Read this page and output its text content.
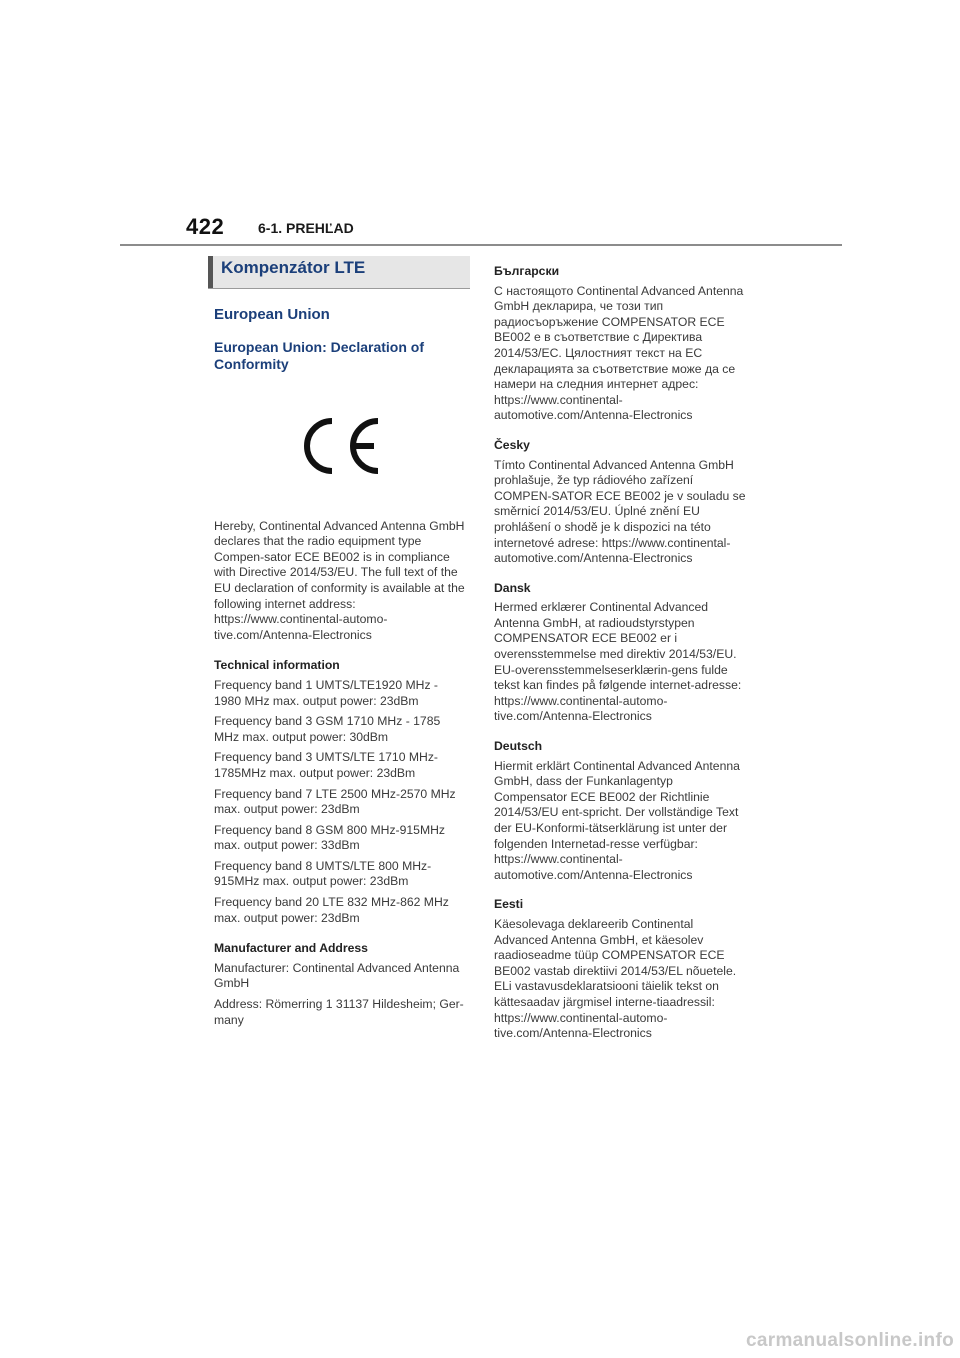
422 6-1. PREHĽAD
Kompenzátor LTE
European Union
European Union: Declaration of Conformity

Hereby, Continental Advanced Antenna GmbH declares that the radio equipment type Compen-sator ECE BE002 is in compliance with Directive 2014/53/EU. The full text of the EU declaration of conformity is available at the following internet address: https://www.continental-automo-tive.com/Antenna-Electronics

Technical information

Frequency band 1 UMTS/LTE1920 MHz - 1980 MHz max. output power: 23dBm

Frequency band 3 GSM 1710 MHz - 1785 MHz max. output power: 30dBm

Frequency band 3 UMTS/LTE 1710 MHz-1785MHz max. output power: 23dBm

Frequency band 7 LTE 2500 MHz-2570 MHz max. output power: 23dBm

Frequency band 8 GSM 800 MHz-915MHz max. output power: 33dBm

Frequency band 8 UMTS/LTE 800 MHz-915MHz max. output power: 23dBm

Frequency band 20 LTE 832 MHz-862 MHz max. output power: 23dBm

Manufacturer and Address

Manufacturer: Continental Advanced Antenna GmbH

Address: Römerring 1 31137 Hildesheim; Ger-many

Български

С настоящото Continental Advanced Antenna GmbH декларира, че този тип радиосъоръжение COMPENSATOR ECE BE002 е в съответствие с Директива 2014/53/ЕС. Цялостният текст на ЕС декларацията за съответствие може да се намери на следния интернет адрес: https://www.continental-automotive.com/Antenna-Electronics

Česky

Tímto Continental Advanced Antenna GmbH prohlašuje, že typ rádiového zařízení COMPEN-SATOR ECE BE002 je v souladu se směrnicí 2014/53/EU. Úplné znění EU prohlášení o shodě je k dispozici na této internetové adrese: https://www.continental-automotive.com/Antenna-Electronics

Dansk

Hermed erklærer Continental Advanced Antenna GmbH, at radioudstyrstypen COMPENSATOR ECE BE002 er i overensstemmelse med direktiv 2014/53/EU. EU-overensstemmelseserklærin-gens fulde tekst kan findes på følgende internet-adresse: https://www.continental-automo-tive.com/Antenna-Electronics

Deutsch

Hiermit erklärt Continental Advanced Antenna GmbH, dass der Funkanlagentyp Compensator ECE BE002 der Richtlinie 2014/53/EU ent-spricht. Der vollständige Text der EU-Konformi-tätserklärung ist unter der folgenden Internetad-resse verfügbar: https://www.continental-automotive.com/Antenna-Electronics

Eesti

Käesolevaga deklareerib Continental Advanced Antenna GmbH, et käesolev raadioseadme tüüp COMPENSATOR ECE BE002 vastab direktiivi 2014/53/EL nõuetele. ELi vastavusdeklaratsiooni täielik tekst on kättesaadav järgmisel interne-tiaadressil: https://www.continental-automo-tive.com/Antenna-Electronics

carmanualsonline.info
